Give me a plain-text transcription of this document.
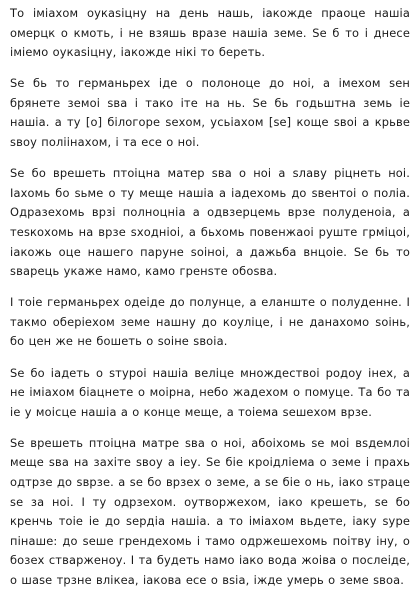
То іміахом оукаsіцну на день нашь, іакожде праоце нашіа омерцк о кмоть, і не взяшь вразе нашіа земе. Sе б то і днесе іміемо оукаsіцну, іакожде нікі то береть.

Sе бь то германьрех іде о полоноце до ноі, а імехом sен брянете земоі sва і тако іте на нь. Sе бь годьштна земь іе нашіа. а ту [о] білогоре sехом, усьіахом [sе] коще sвоі а крьве sвоу поліінахом, і та есе о ноі.

Sе бо врешеть птоіцна матер sва о ноі а sлаву рiцнеть ноі. Іахомь бо sьме о ту меще нашіа а іадехомь до sвентоі о поліа. Одразеxомь врзі полноцніа а одвзерцемь врзе полуденоіа, а теsкохомь на врзе sходніоі, а бьхомь повенжаоі руште грміцоі, іакожь оце нашего паруне sоіноі, а дажьба внцоіе. Sе бь то sварець укаже намо, камо гренsте обоsва.

І тоіе германьрех одеіде до полунце, а еланште о полуденне. І такмо оберіехом земе нашну до коуліце, і не данахомо sоінь, бо цен же не бошеть о sоіне sвоіа.

Sе бо іадеть о sтуроі нашіа веліце множдествоі родоу інех, а не іміахом біацнете о моірна, небо жадехом о помуце. Та бо та іе у моісце нашіа а о конце меще, а тоіема sешехом врзе.

Sе врешеть птоіцна матре sва о ноі, абоіхомь sе моі вsдемлоі меще sва на захіте sвоу а іеу. Sе біе кроідліема о земе і прахь одтрзе до sврзе. а sе бо врзех о земе, а sе біе о нь, іако sтраце sе за ноі. І ту одрзехом. оутворжехом, іако крешеть, sе бо кренчь тоіе іе до sердіа нашіа. а то іміахом вьдете, іаку sуре пiнашe: до sеше грендехомь і тамо одржешехомь поітву іну, о бозех стварженоу. І та будеть намо іако вода жоіва о послеіде, о шаsе трзне влікеа, іакова есе о вsіа, іжде умерь о земе sвоа.
